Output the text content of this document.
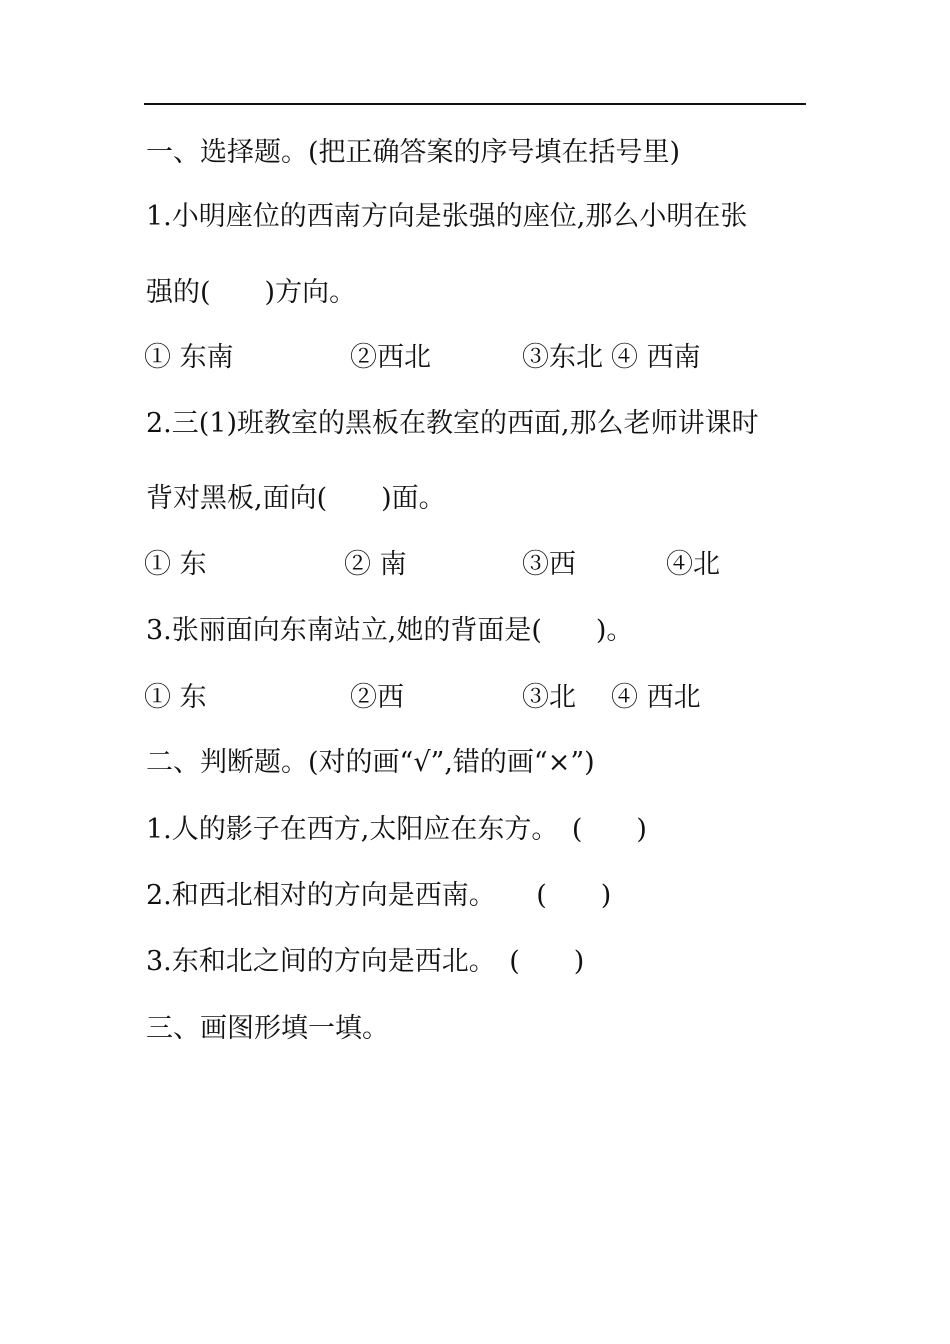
一、选择题。(把正确答案的序号填在括号里)
1.小明座位的西南方向是张强的座位,那么小明在张
强的(　　)方向。
① 东南	②西北	③东北 ④ 西南
2.三(1)班教室的黑板在教室的西面,那么老师讲课时
背对黑板,面向(　　)面。
① 东	② 南	③西	④北
3.张丽面向东南站立,她的背面是(　　)。
① 东	②西	③北 ④ 西北
二、判断题。(对的画“√”,错的画“×”)
1.人的影子在西方,太阳应在东方。　(　　)
2.和西北相对的方向是西南。　　(　　)
3.东和北之间的方向是西北。　(　　)
三、画图形填一填。
